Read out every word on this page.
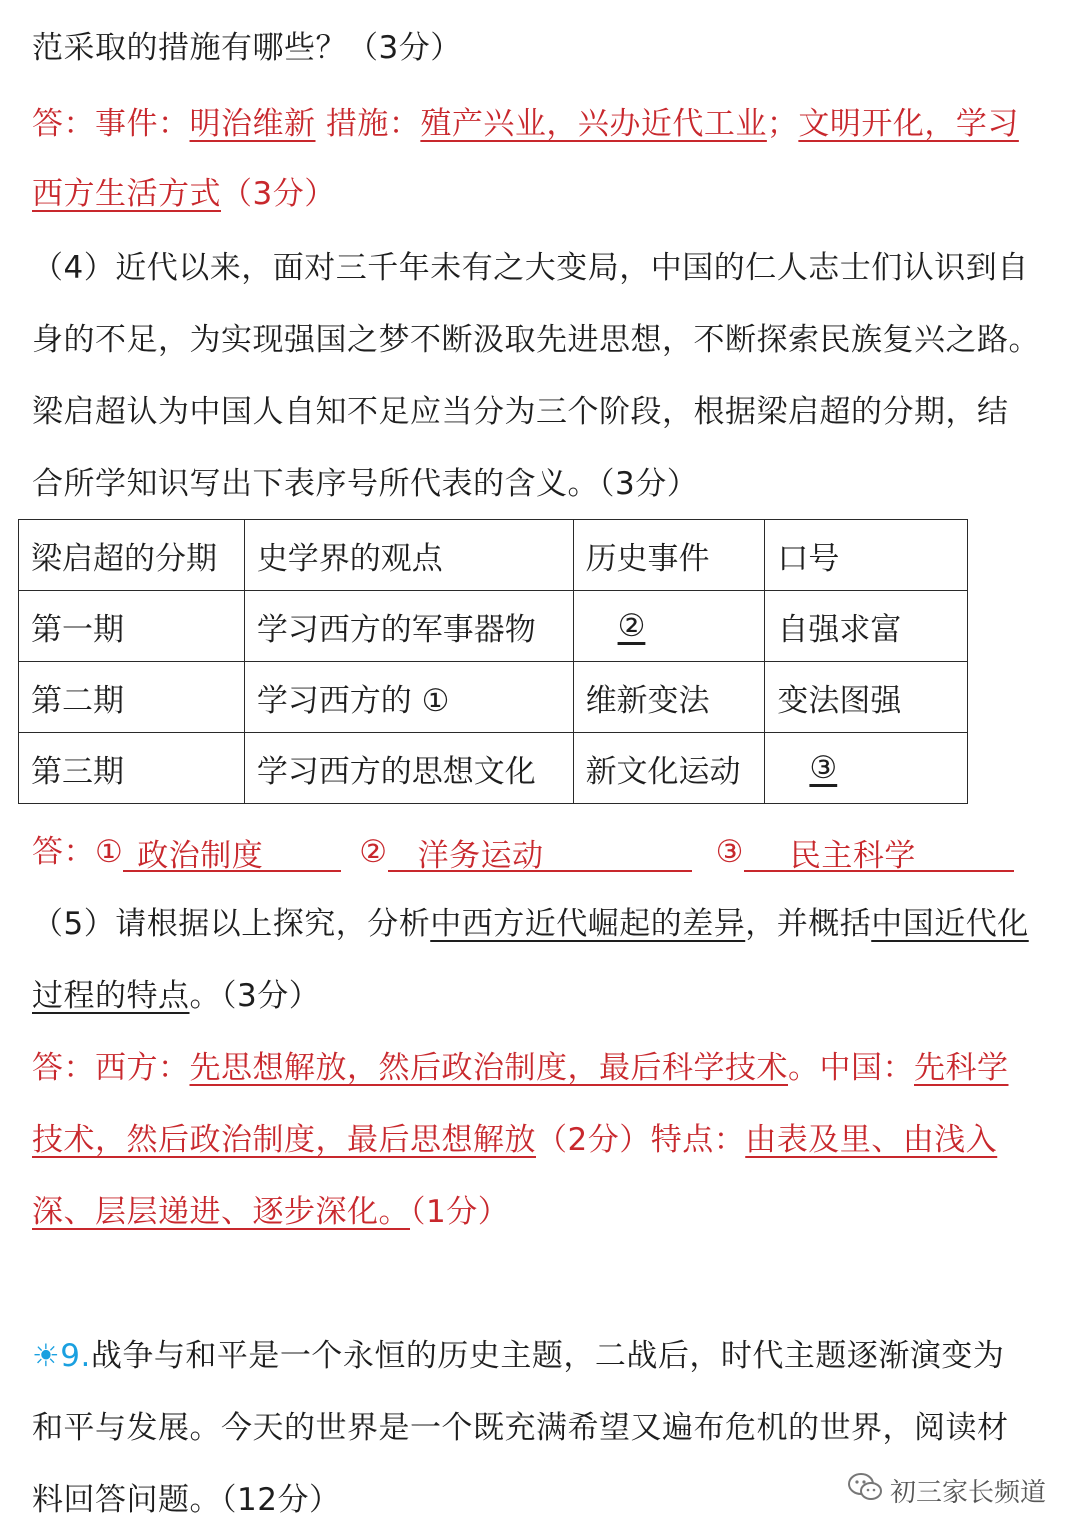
范采取的措施有哪些？（3分）
答：事件：明治维新 措施：殖产兴业，兴办近代工业；文明开化，学习
西方生活方式（3分）
（4）近代以来，面对三千年未有之大变局，中国的仁人志士们认识到自
身的不足，为实现强国之梦不断汲取先进思想，不断探索民族复兴之路。
梁启超认为中国人自知不足应当分为三个阶段，根据梁启超的分期，结
合所学知识写出下表序号所代表的含义。（3分）
梁启超的分期	史学界的观点	历史事件	口号
第一期	学习西方的军事器物	②	自强求富
第二期	学习西方的 ①	维新变法	变法图强
第三期	学习西方的思想文化	新文化运动	③
答：① 政治制度	② 洋务运动	③ 民主科学
（5）请根据以上探究，分析中西方近代崛起的差异，并概括中国近代化
过程的特点。（3分）
答：西方：先思想解放，然后政治制度，最后科学技术。中国：先科学
技术，然后政治制度，最后思想解放（2分）特点：由表及里、由浅入
深、层层递进、逐步深化。（1分）
☀9.战争与和平是一个永恒的历史主题，二战后，时代主题逐渐演变为
和平与发展。今天的世界是一个既充满希望又遍布危机的世界，阅读材
料回答问题。（12分）	初三家长频道
